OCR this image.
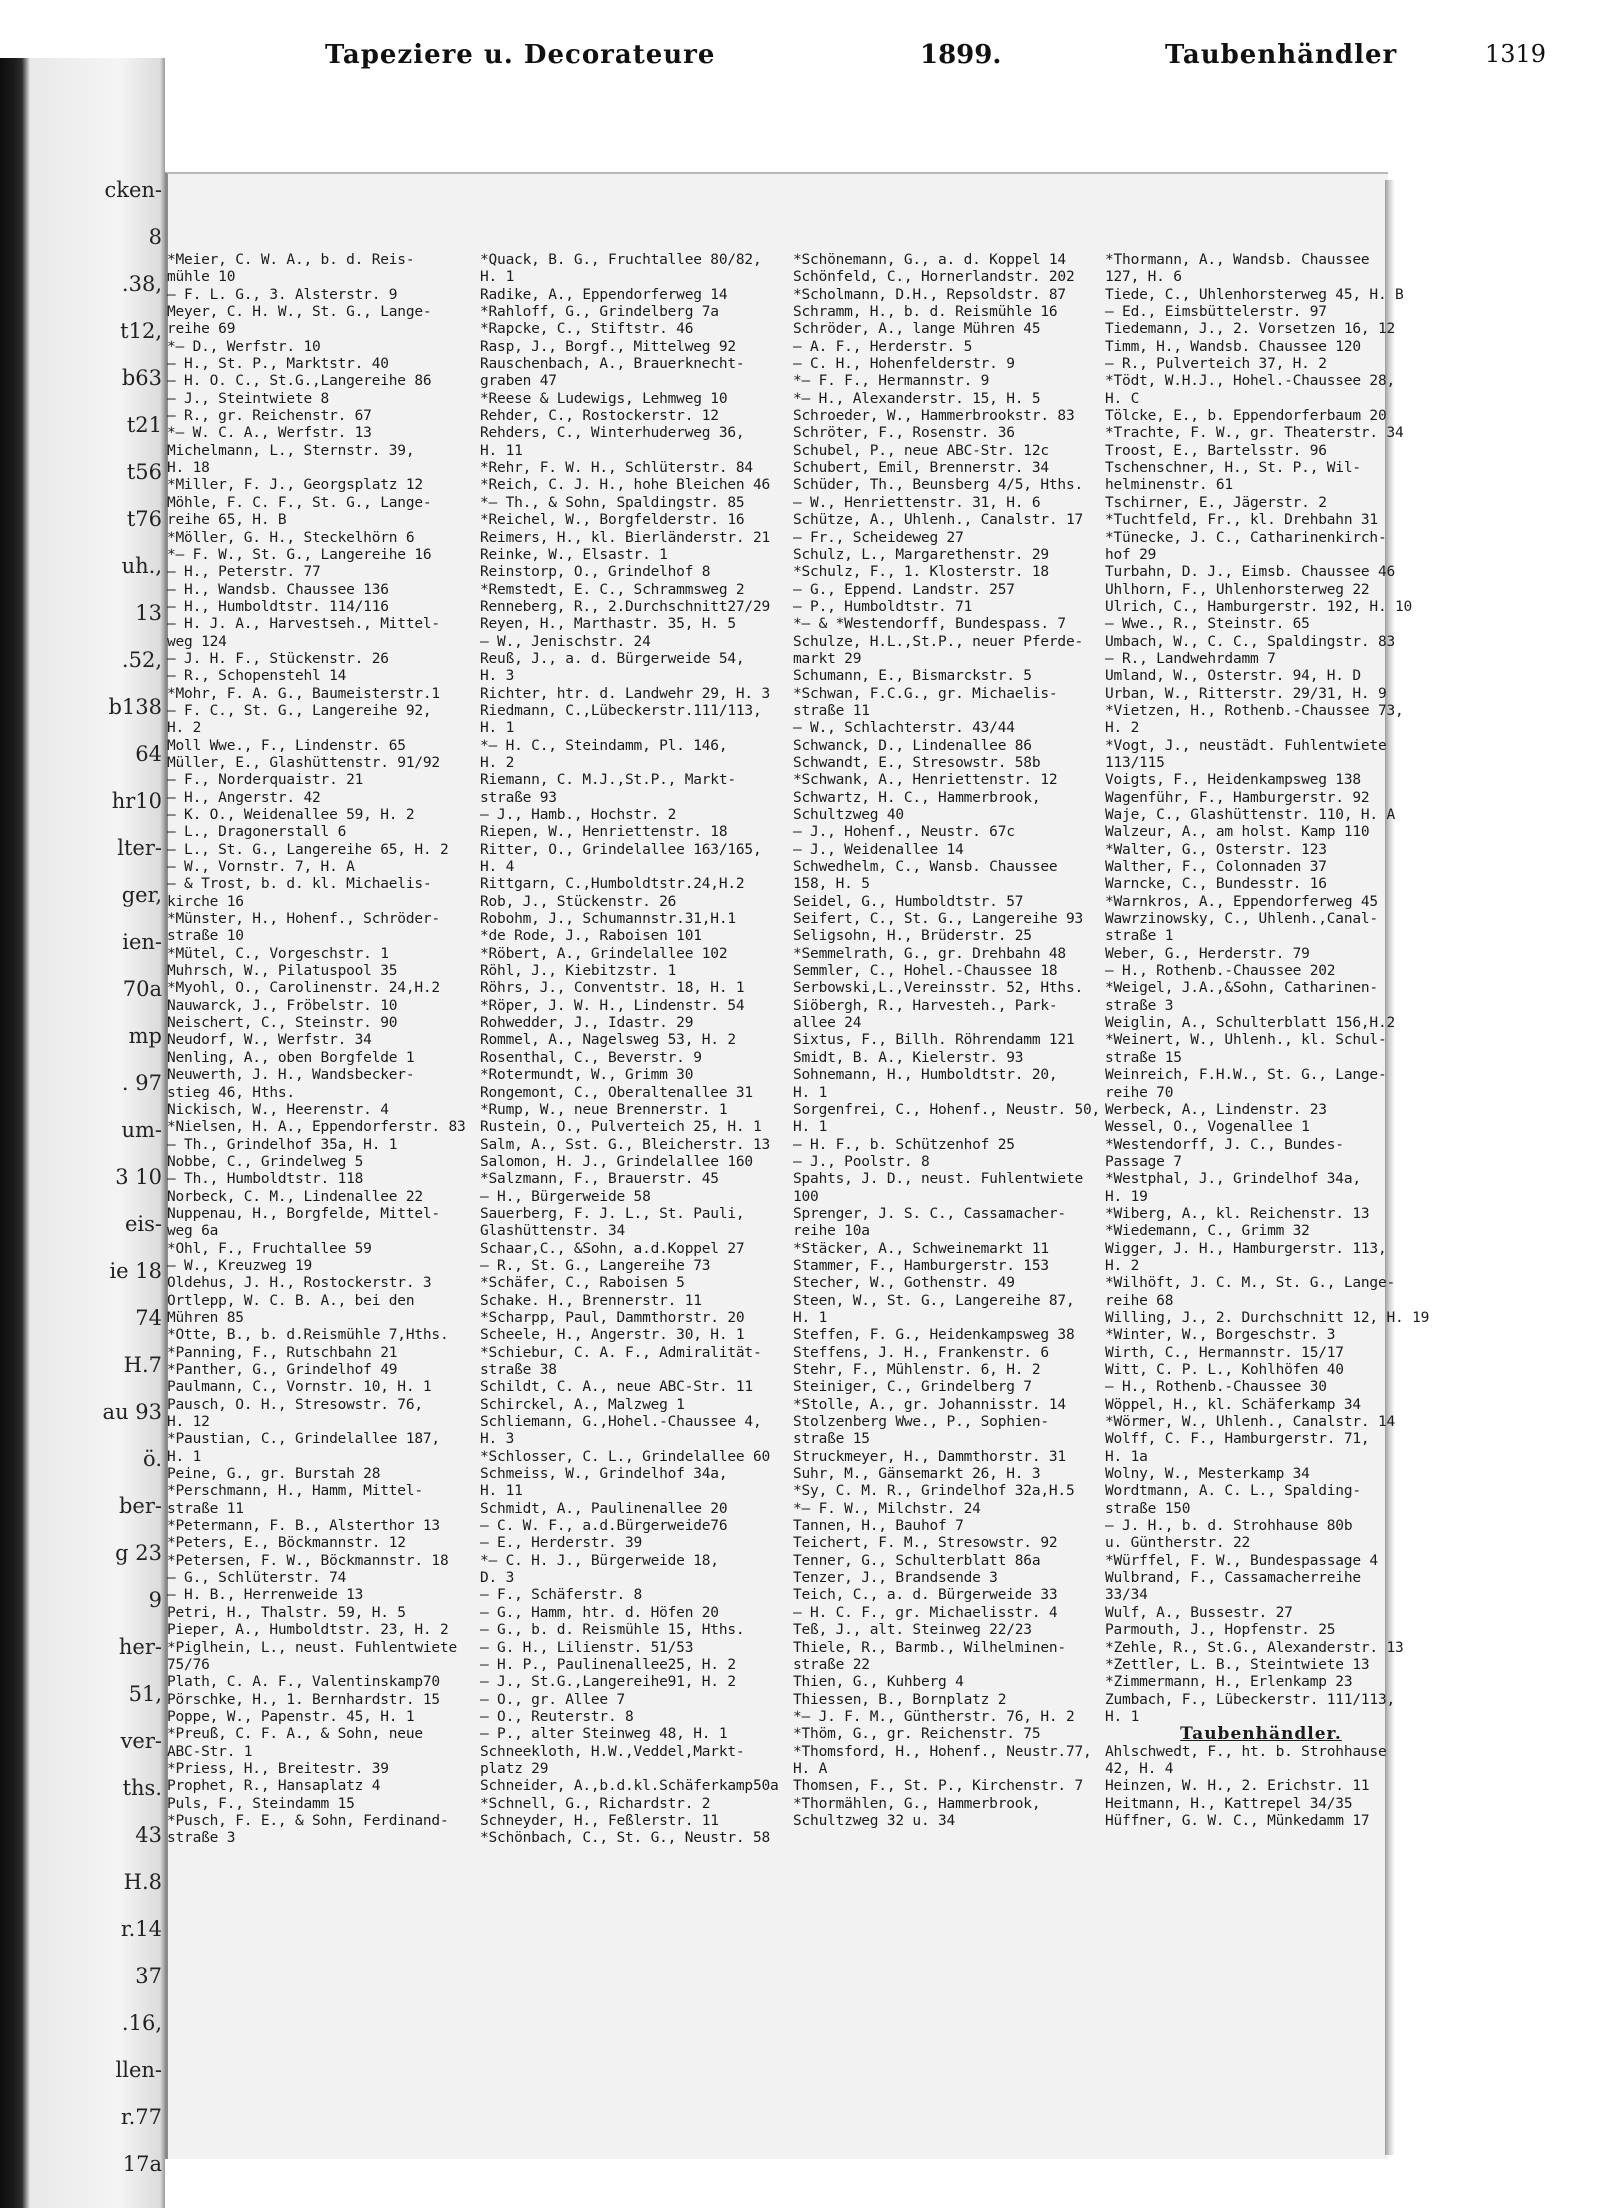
cken-
8
.38,
t12,
b63
t21
t56
t76
uh.,
13
.52,
b138
64
hr10
lter-
ger,
ien-
70a
mp
. 97
um-
3 10
eis-
ie 18
74
H.7
au 93
ö.
ber-
g 23
9
her-
51,
ver-
ths.
43
H.8
r.14
37
.16,
llen-
r.77
17a
Tapeziere u. Decorateure	1899.	Taubenhändler	1319
*Meier, C. W. A., b. d. Reis-
mühle 10
— F. L. G., 3. Alsterstr. 9
Meyer, C. H. W., St. G., Lange-
reihe 69
*— D., Werfstr. 10
— H., St. P., Marktstr. 40
— H. O. C., St.G.,Langereihe 86
— J., Steintwiete 8
— R., gr. Reichenstr. 67
*— W. C. A., Werfstr. 13
Michelmann, L., Sternstr. 39,
H. 18
*Miller, F. J., Georgsplatz 12
Möhle, F. C. F., St. G., Lange-
reihe 65, H. B
*Möller, G. H., Steckelhörn 6
*— F. W., St. G., Langereihe 16
— H., Peterstr. 77
— H., Wandsb. Chaussee 136
— H., Humboldtstr. 114/116
— H. J. A., Harvestseh., Mittel-
weg 124
— J. H. F., Stückenstr. 26
— R., Schopenstehl 14
*Mohr, F. A. G., Baumeisterstr.1
— F. C., St. G., Langereihe 92,
H. 2
Moll Wwe., F., Lindenstr. 65
Müller, E., Glashüttenstr. 91/92
— F., Norderquaistr. 21
— H., Angerstr. 42
— K. O., Weidenallee 59, H. 2
— L., Dragonerstall 6
— L., St. G., Langereihe 65, H. 2
— W., Vornstr. 7, H. A
— & Trost, b. d. kl. Michaelis-
kirche 16
*Münster, H., Hohenf., Schröder-
straße 10
*Mütel, C., Vorgeschstr. 1
Muhrsch, W., Pilatuspool 35
*Myohl, O., Carolinenstr. 24,H.2
Nauwarck, J., Fröbelstr. 10
Neischert, C., Steinstr. 90
Neudorf, W., Werfstr. 34
Nenling, A., oben Borgfelde 1
Neuwerth, J. H., Wandsbecker-
stieg 46, Hths.
Nickisch, W., Heerenstr. 4
*Nielsen, H. A., Eppendorferstr. 83
— Th., Grindelhof 35a, H. 1
Nobbe, C., Grindelweg 5
— Th., Humboldtstr. 118
Norbeck, C. M., Lindenallee 22
Nuppenau, H., Borgfelde, Mittel-
weg 6a
*Ohl, F., Fruchtallee 59
— W., Kreuzweg 19
Oldehus, J. H., Rostockerstr. 3
Ortlepp, W. C. B. A., bei den
Mühren 85
*Otte, B., b. d.Reismühle 7,Hths.
*Panning, F., Rutschbahn 21
*Panther, G., Grindelhof 49
Paulmann, C., Vornstr. 10, H. 1
Pausch, O. H., Stresowstr. 76,
H. 12
*Paustian, C., Grindelallee 187,
H. 1
Peine, G., gr. Burstah 28
*Perschmann, H., Hamm, Mittel-
straße 11
*Petermann, F. B., Alsterthor 13
*Peters, E., Böckmannstr. 12
*Petersen, F. W., Böckmannstr. 18
— G., Schlüterstr. 74
— H. B., Herrenweide 13
Petri, H., Thalstr. 59, H. 5
Pieper, A., Humboldtstr. 23, H. 2
*Piglhein, L., neust. Fuhlentwiete
75/76
Plath, C. A. F., Valentinskamp70
Pörschke, H., 1. Bernhardstr. 15
Poppe, W., Papenstr. 45, H. 1
*Preuß, C. F. A., & Sohn, neue
ABC-Str. 1
*Priess, H., Breitestr. 39
Prophet, R., Hansaplatz 4
Puls, F., Steindamm 15
*Pusch, F. E., & Sohn, Ferdinand-
straße 3
*Quack, B. G., Fruchtallee 80/82,
H. 1
Radike, A., Eppendorferweg 14
*Rahloff, G., Grindelberg 7a
*Rapcke, C., Stiftstr. 46
Rasp, J., Borgf., Mittelweg 92
Rauschenbach, A., Brauerknecht-
graben 47
*Reese & Ludewigs, Lehmweg 10
Rehder, C., Rostockerstr. 12
Rehders, C., Winterhuderweg 36,
H. 11
*Rehr, F. W. H., Schlüterstr. 84
*Reich, C. J. H., hohe Bleichen 46
*— Th., & Sohn, Spaldingstr. 85
*Reichel, W., Borgfelderstr. 16
Reimers, H., kl. Bierländerstr. 21
Reinke, W., Elsastr. 1
Reinstorp, O., Grindelhof 8
*Remstedt, E. C., Schrammsweg 2
Renneberg, R., 2.Durchschnitt27/29
Reyen, H., Marthastr. 35, H. 5
— W., Jenischstr. 24
Reuß, J., a. d. Bürgerweide 54,
H. 3
Richter, htr. d. Landwehr 29, H. 3
Riedmann, C.,Lübeckerstr.111/113,
H. 1
*— H. C., Steindamm, Pl. 146,
H. 2
Riemann, C. M.J.,St.P., Markt-
straße 93
— J., Hamb., Hochstr. 2
Riepen, W., Henriettenstr. 18
Ritter, O., Grindelallee 163/165,
H. 4
Rittgarn, C.,Humboldtstr.24,H.2
Rob, J., Stückenstr. 26
Robohm, J., Schumannstr.31,H.1
*de Rode, J., Raboisen 101
*Röbert, A., Grindelallee 102
Röhl, J., Kiebitzstr. 1
Röhrs, J., Conventstr. 18, H. 1
*Röper, J. W. H., Lindenstr. 54
Rohwedder, J., Idastr. 29
Rommel, A., Nagelsweg 53, H. 2
Rosenthal, C., Beverstr. 9
*Rotermundt, W., Grimm 30
Rongemont, C., Oberaltenallee 31
*Rump, W., neue Brennerstr. 1
Rustein, O., Pulverteich 25, H. 1
Salm, A., Sst. G., Bleicherstr. 13
Salomon, H. J., Grindelallee 160
*Salzmann, F., Brauerstr. 45
— H., Bürgerweide 58
Sauerberg, F. J. L., St. Pauli,
Glashüttenstr. 34
Schaar,C., &Sohn, a.d.Koppel 27
— R., St. G., Langereihe 73
*Schäfer, C., Raboisen 5
Schake. H., Brennerstr. 11
*Scharpp, Paul, Dammthorstr. 20
Scheele, H., Angerstr. 30, H. 1
*Schiebur, C. A. F., Admiralität-
straße 38
Schildt, C. A., neue ABC-Str. 11
Schirckel, A., Malzweg 1
Schliemann, G.,Hohel.-Chaussee 4,
H. 3
*Schlosser, C. L., Grindelallee 60
Schmeiss, W., Grindelhof 34a,
H. 11
Schmidt, A., Paulinenallee 20
— C. W. F., a.d.Bürgerweide76
— E., Herderstr. 39
*— C. H. J., Bürgerweide 18,
D. 3
— F., Schäferstr. 8
— G., Hamm, htr. d. Höfen 20
— G., b. d. Reismühle 15, Hths.
— G. H., Lilienstr. 51/53
— H. P., Paulinenallee25, H. 2
— J., St.G.,Langereihe91, H. 2
— O., gr. Allee 7
— O., Reuterstr. 8
— P., alter Steinweg 48, H. 1
Schneekloth, H.W.,Veddel,Markt-
platz 29
Schneider, A.,b.d.kl.Schäferkamp50a
*Schnell, G., Richardstr. 2
Schneyder, H., Feßlerstr. 11
*Schönbach, C., St. G., Neustr. 58
*Schönemann, G., a. d. Koppel 14
Schönfeld, C., Hornerlandstr. 202
*Scholmann, D.H., Repsoldstr. 87
Schramm, H., b. d. Reismühle 16
Schröder, A., lange Mühren 45
— A. F., Herderstr. 5
— C. H., Hohenfelderstr. 9
*— F. F., Hermannstr. 9
*— H., Alexanderstr. 15, H. 5
Schroeder, W., Hammerbrookstr. 83
Schröter, F., Rosenstr. 36
Schubel, P., neue ABC-Str. 12c
Schubert, Emil, Brennerstr. 34
Schüder, Th., Beunsberg 4/5, Hths.
— W., Henriettenstr. 31, H. 6
Schütze, A., Uhlenh., Canalstr. 17
— Fr., Scheideweg 27
Schulz, L., Margarethenstr. 29
*Schulz, F., 1. Klosterstr. 18
— G., Eppend. Landstr. 257
— P., Humboldtstr. 71
*— & *Westendorff, Bundespass. 7
Schulze, H.L.,St.P., neuer Pferde-
markt 29
Schumann, E., Bismarckstr. 5
*Schwan, F.C.G., gr. Michaelis-
straße 11
— W., Schlachterstr. 43/44
Schwanck, D., Lindenallee 86
Schwandt, E., Stresowstr. 58b
*Schwank, A., Henriettenstr. 12
Schwartz, H. C., Hammerbrook,
Schultzweg 40
— J., Hohenf., Neustr. 67c
— J., Weidenallee 14
Schwedhelm, C., Wansb. Chaussee
158, H. 5
Seidel, G., Humboldtstr. 57
Seifert, C., St. G., Langereihe 93
Seligsohn, H., Brüderstr. 25
*Semmelrath, G., gr. Drehbahn 48
Semmler, C., Hohel.-Chaussee 18
Serbowski,L.,Vereinsstr. 52, Hths.
Siöbergh, R., Harvesteh., Park-
allee 24
Sixtus, F., Billh. Röhrendamm 121
Smidt, B. A., Kielerstr. 93
Sohnemann, H., Humboldtstr. 20,
H. 1
Sorgenfrei, C., Hohenf., Neustr. 50,
H. 1
— H. F., b. Schützenhof 25
— J., Poolstr. 8
Spahts, J. D., neust. Fuhlentwiete
100
Sprenger, J. S. C., Cassamacher-
reihe 10a
*Stäcker, A., Schweinemarkt 11
Stammer, F., Hamburgerstr. 153
Stecher, W., Gothenstr. 49
Steen, W., St. G., Langereihe 87,
H. 1
Steffen, F. G., Heidenkampsweg 38
Steffens, J. H., Frankenstr. 6
Stehr, F., Mühlenstr. 6, H. 2
Steiniger, C., Grindelberg 7
*Stolle, A., gr. Johannisstr. 14
Stolzenberg Wwe., P., Sophien-
straße 15
Struckmeyer, H., Dammthorstr. 31
Suhr, M., Gänsemarkt 26, H. 3
*Sy, C. M. R., Grindelhof 32a,H.5
*— F. W., Milchstr. 24
Tannen, H., Bauhof 7
Teichert, F. M., Stresowstr. 92
Tenner, G., Schulterblatt 86a
Tenzer, J., Brandsende 3
Teich, C., a. d. Bürgerweide 33
— H. C. F., gr. Michaelisstr. 4
Teß, J., alt. Steinweg 22/23
Thiele, R., Barmb., Wilhelminen-
straße 22
Thien, G., Kuhberg 4
Thiessen, B., Bornplatz 2
*— J. F. M., Güntherstr. 76, H. 2
*Thöm, G., gr. Reichenstr. 75
*Thomsford, H., Hohenf., Neustr.77,
H. A
Thomsen, F., St. P., Kirchenstr. 7
*Thormählen, G., Hammerbrook,
Schultzweg 32 u. 34
*Thormann, A., Wandsb. Chaussee
127, H. 6
Tiede, C., Uhlenhorsterweg 45, H. B
— Ed., Eimsbüttelerstr. 97
Tiedemann, J., 2. Vorsetzen 16, 12
Timm, H., Wandsb. Chaussee 120
— R., Pulverteich 37, H. 2
*Tödt, W.H.J., Hohel.-Chaussee 28,
H. C
Tölcke, E., b. Eppendorferbaum 20
*Trachte, F. W., gr. Theaterstr. 34
Troost, E., Bartelsstr. 96
Tschenschner, H., St. P., Wil-
helminenstr. 61
Tschirner, E., Jägerstr. 2
*Tuchtfeld, Fr., kl. Drehbahn 31
*Tünecke, J. C., Catharinenkirch-
hof 29
Turbahn, D. J., Eimsb. Chaussee 46
Uhlhorn, F., Uhlenhorsterweg 22
Ulrich, C., Hamburgerstr. 192, H. 10
— Wwe., R., Steinstr. 65
Umbach, W., C. C., Spaldingstr. 83
— R., Landwehrdamm 7
Umland, W., Osterstr. 94, H. D
Urban, W., Ritterstr. 29/31, H. 9
*Vietzen, H., Rothenb.-Chaussee 73,
H. 2
*Vogt, J., neustädt. Fuhlentwiete
113/115
Voigts, F., Heidenkampsweg 138
Wagenführ, F., Hamburgerstr. 92
Waje, C., Glashüttenstr. 110, H. A
Walzeur, A., am holst. Kamp 110
*Walter, G., Osterstr. 123
Walther, F., Colonnaden 37
Warncke, C., Bundesstr. 16
*Warnkros, A., Eppendorferweg 45
Wawrzinowsky, C., Uhlenh.,Canal-
straße 1
Weber, G., Herderstr. 79
— H., Rothenb.-Chaussee 202
*Weigel, J.A.,&Sohn, Catharinen-
straße 3
Weiglin, A., Schulterblatt 156,H.2
*Weinert, W., Uhlenh., kl. Schul-
straße 15
Weinreich, F.H.W., St. G., Lange-
reihe 70
Werbeck, A., Lindenstr. 23
Wessel, O., Vogenallee 1
*Westendorff, J. C., Bundes-
Passage 7
*Westphal, J., Grindelhof 34a,
H. 19
*Wiberg, A., kl. Reichenstr. 13
*Wiedemann, C., Grimm 32
Wigger, J. H., Hamburgerstr. 113,
H. 2
*Wilhöft, J. C. M., St. G., Lange-
reihe 68
Willing, J., 2. Durchschnitt 12, H. 19
*Winter, W., Borgeschstr. 3
Wirth, C., Hermannstr. 15/17
Witt, C. P. L., Kohlhöfen 40
— H., Rothenb.-Chaussee 30
Wöppel, H., kl. Schäferkamp 34
*Wörmer, W., Uhlenh., Canalstr. 14
Wolff, C. F., Hamburgerstr. 71,
H. 1a
Wolny, W., Mesterkamp 34
Wordtmann, A. C. L., Spalding-
straße 150
— J. H., b. d. Strohhause 80b
u. Güntherstr. 22
*Würffel, F. W., Bundespassage 4
Wulbrand, F., Cassamacherreihe
33/34
Wulf, A., Bussestr. 27
Parmouth, J., Hopfenstr. 25
*Zehle, R., St.G., Alexanderstr. 13
*Zettler, L. B., Steintwiete 13
*Zimmermann, H., Erlenkamp 23
Zumbach, F., Lübeckerstr. 111/113,
H. 1
Taubenhändler.
Ahlschwedt, F., ht. b. Strohhause
42, H. 4
Heinzen, W. H., 2. Erichstr. 11
Heitmann, H., Kattrepel 34/35
Hüffner, G. W. C., Münkedamm 17
